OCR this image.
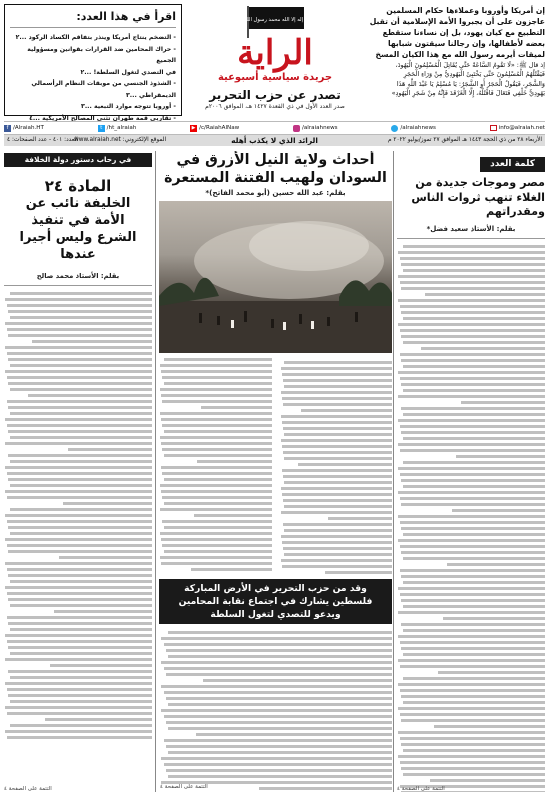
إن أمريكا وأوروبا وعملاءها حكام المسلمين
عاجزون على أن يجبروا الأمة الإسلامية أن تقبل
التطبيع مع كيان يهود، بل إن نساءنا ستقطع
بعضه لأطفالها، وإن رجالنا سيقتون شبابها
لميقات أيرمه رسول الله مع هذا الكيان المسخ
إذ قال ﷺ: «لَا تَقُومُ السَّاعَةُ حَتَّى يُقَاتِلَ الْمُسْلِمُونَ الْيَهُودَ،
فَيَقْتُلُهُمُ الْمُسْلِمُونَ حَتَّى يَخْتَبِئَ الْيَهُودِيُّ مِنْ وَرَاءِ الْحَجَرِ
وَالشَّجَرِ، فَيَقُولُ الْحَجَرُ أَوِ الشَّجَرُ: يَا مُسْلِمُ يَا عَبْدَ اللَّهِ هَذَا
يَهُودِيٌّ خَلْفِي فَتَعَالَ فَاقْتُلْهُ، إِلَّا الْغَرْقَدَ فَإِنَّهُ مِنْ شَجَرِ الْيَهُودِ»
لا إله إلا الله محمد رسول الله
الراية
جريدة سياسية أسبوعية
تصدر عن حزب التحرير
صدر العدد الأول في ذي القعدة ١٤٢٧ هـ، الموافق ٢٠٠٦م
اقرأ في هذا العدد:
- التضخم ينتاج أمريكا وينذر بتفاقم الكساد الركود ...٢
- حراك المحامين ضد القرارات بقوانين ومسؤولية الجميع
في التصدي لتغول السلطة! ...٢
- الشذوذ الجنسي من موبقات النظام الرأسمالي الديمقراطي ...٣
- أوروبا تتوجه موارد التبعية ...٣
- تقاربي قمة طهران تثني المصالح الأمريكية ...٤
f /Alraiah.HT	t /ht_alraiah	▶ /c/RaiahAlNaw	/alraiahnews	/alraiahnews	info@alraiah.net
الأربعاء ٢٨ من ذي الحجة ١٤٤٣ هـ الموافق ٢٧ تموز/يوليو ٢٠٢٢ م
الرائد الذي لا يكذب أهله
الموقع الإلكتروني: www.alraiah.net
العدد: ٤٠١ - عدد الصفحات: ٤
كلمة العدد
مصر وموجات جديدة من الغلاء تنهب ثروات الناس ومقدراتهم
بقلم: الأستاذ سعيد فضل*
التتمة على الصفحة ٤
أحداث ولاية النيل الأزرق في السودان ولهيب الفتنة المستعرة
بقلم: عبد الله حسين (أبو محمد الفاتح)*
وقد من حزب التحرير في الأرض المباركة فلسطين يشارك في اجتماع نقابة المحامين ويدعو للتصدي لتغول السلطة
في رحاب دستور دولة الخلافة
المادة ٢٤
الخليفة نائب عن الأمة في تنفيذ الشرع وليس أجيرا عندها
بقلم: الأستاذ محمد صالح
التتمة على الصفحة ٤	التتمة على الصفحة ٤
